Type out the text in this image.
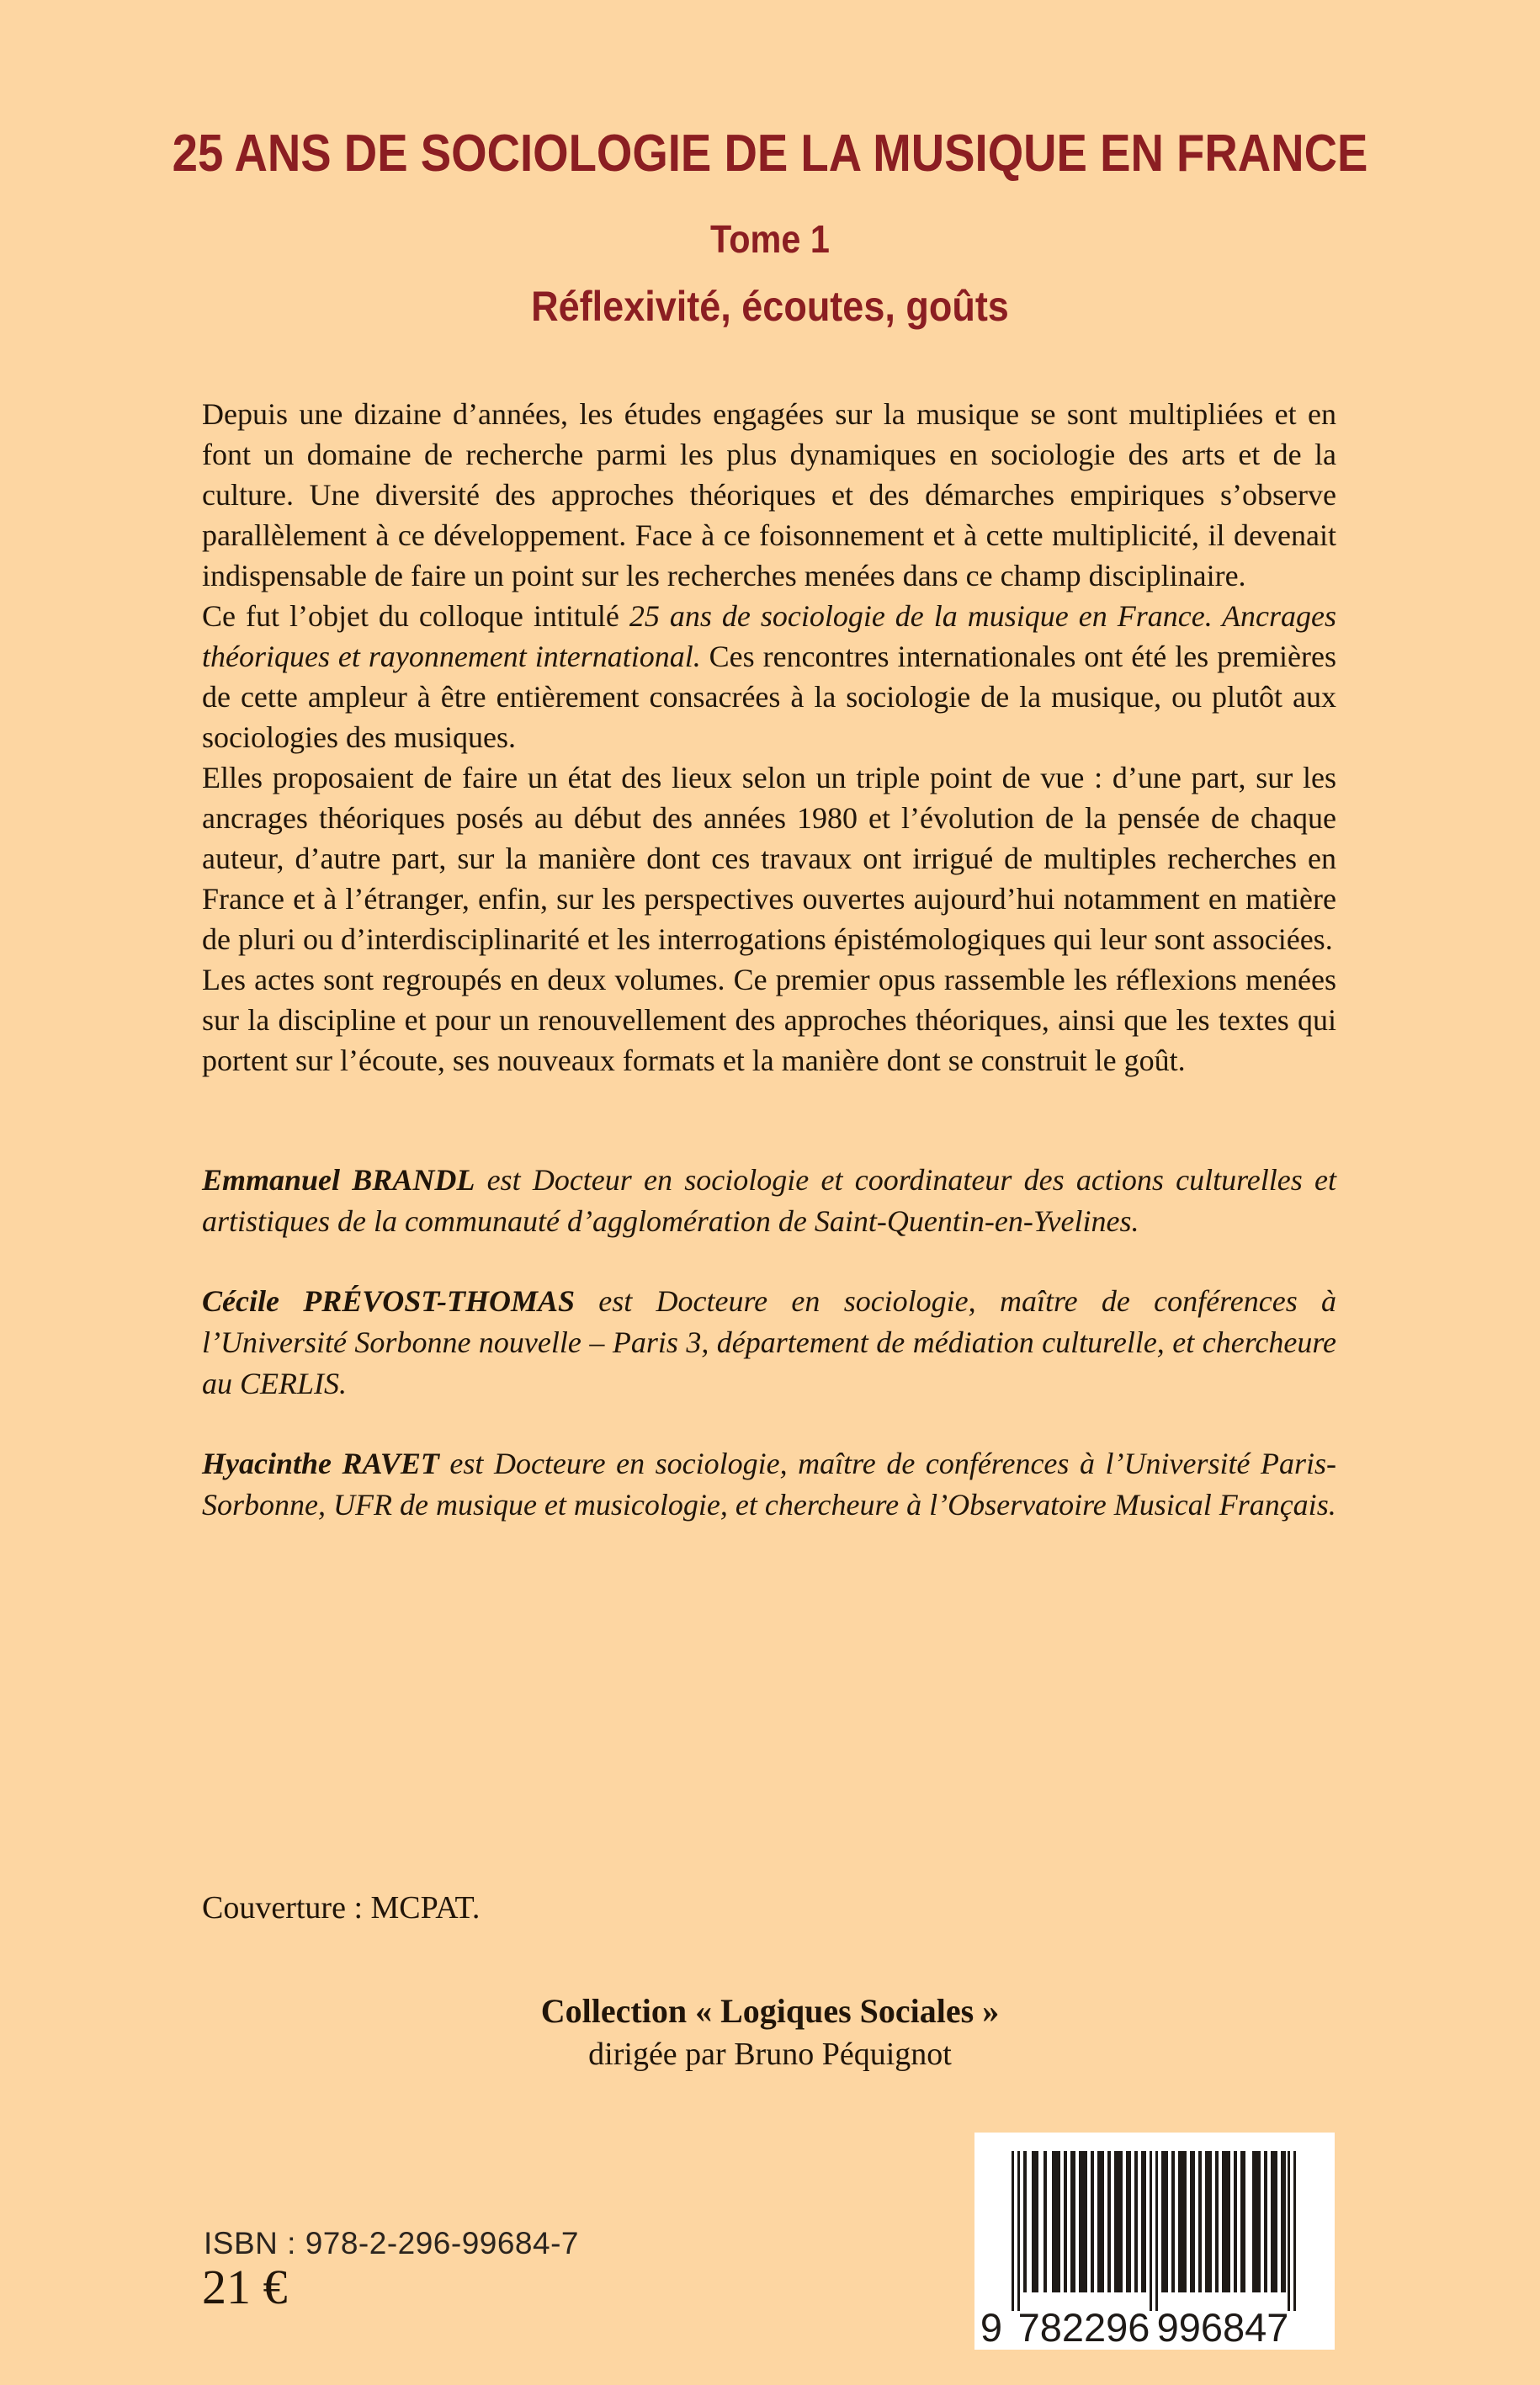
25 ANS DE SOCIOLOGIE DE LA MUSIQUE EN FRANCE
Tome 1
Réflexivité, écoutes, goûts

Depuis une dizaine d’années, les études engagées sur la musique se sont multipliées et en font un domaine de recherche parmi les plus dynamiques en sociologie des arts et de la culture. Une diversité des approches théoriques et des démarches empiriques s’observe parallèlement à ce développement. Face à ce foisonnement et à cette multiplicité, il devenait indispensable de faire un point sur les recherches menées dans ce champ disciplinaire.

Ce fut l’objet du colloque intitulé 25 ans de sociologie de la musique en France. Ancrages théoriques et rayonnement international. Ces rencontres internationales ont été les premières de cette ampleur à être entièrement consacrées à la sociologie de la musique, ou plutôt aux sociologies des musiques.

Elles proposaient de faire un état des lieux selon un triple point de vue : d’une part, sur les ancrages théoriques posés au début des années 1980 et l’évolution de la pensée de chaque auteur, d’autre part, sur la manière dont ces travaux ont irrigué de multiples recherches en France et à l’étranger, enfin, sur les perspectives ouvertes aujourd’hui notamment en matière de pluri ou d’interdisciplinarité et les interrogations épistémologiques qui leur sont associées.

Les actes sont regroupés en deux volumes. Ce premier opus rassemble les réflexions menées sur la discipline et pour un renouvellement des approches théoriques, ainsi que les textes qui portent sur l’écoute, ses nouveaux formats et la manière dont se construit le goût.

Emmanuel BRANDL est Docteur en sociologie et coordinateur des actions culturelles et artistiques de la communauté d’agglomération de Saint-Quentin-en-Yvelines.

Cécile PRÉVOST-THOMAS est Docteure en sociologie, maître de conférences à l’Université Sorbonne nouvelle – Paris 3, département de médiation culturelle, et chercheure au CERLIS.

Hyacinthe RAVET est Docteure en sociologie, maître de conférences à l’Université Paris-Sorbonne, UFR de musique et musicologie, et chercheure à l’Observatoire Musical Français.

Couverture : MCPAT.

Collection « Logiques Sociales »

dirigée par Bruno Péquignot

ISBN : 978-2-296-99684-7
21 €
9 782296 996847
